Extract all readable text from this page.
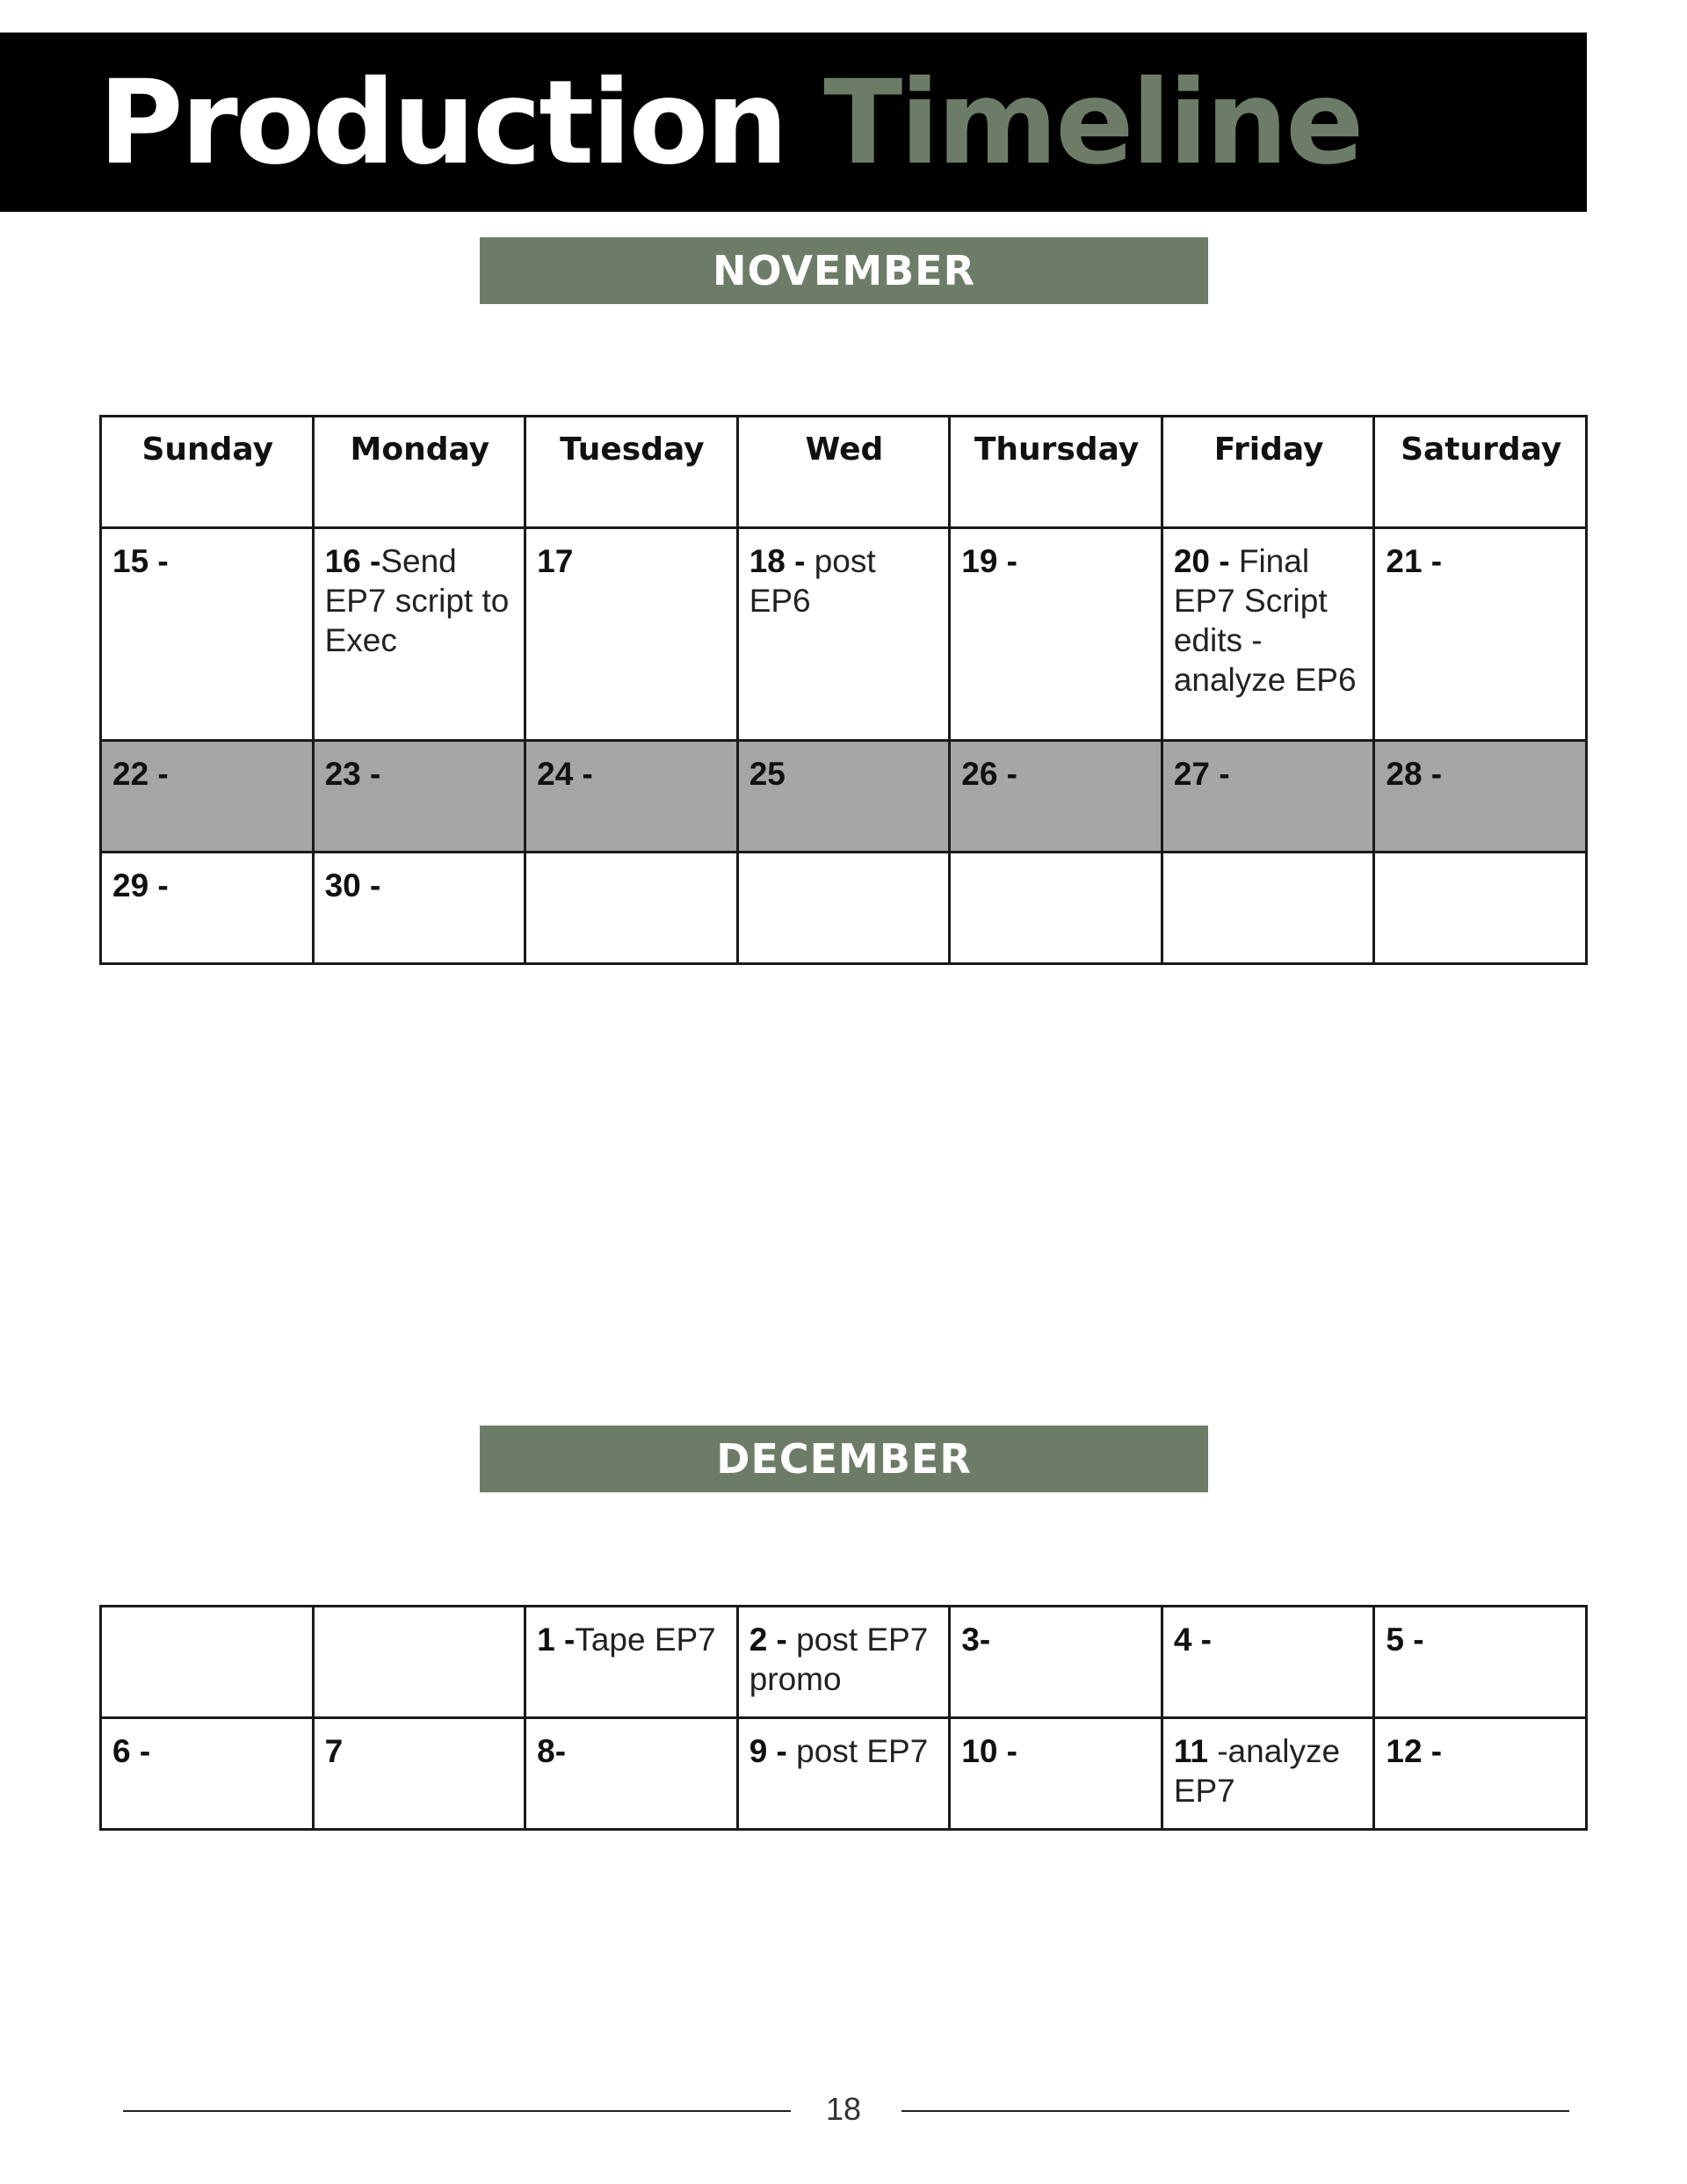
Production Timeline
NOVEMBER
Sunday	Monday	Tuesday	Wed	Thursday	Friday	Saturday
15 -	16 -Send EP7 script to Exec	17	18 - post EP6	19 -	20 - Final EP7 Script edits -analyze EP6	21 -
22 -	23 -	24 -	25	26 -	27 -	28 -
29 -	30 -					
DECEMBER
		1 -Tape EP7	2 - post EP7 promo	3-	4 -	5 -
6 -	7	8-	9 - post EP7	10 -	11 -analyze EP7	12 -
18
